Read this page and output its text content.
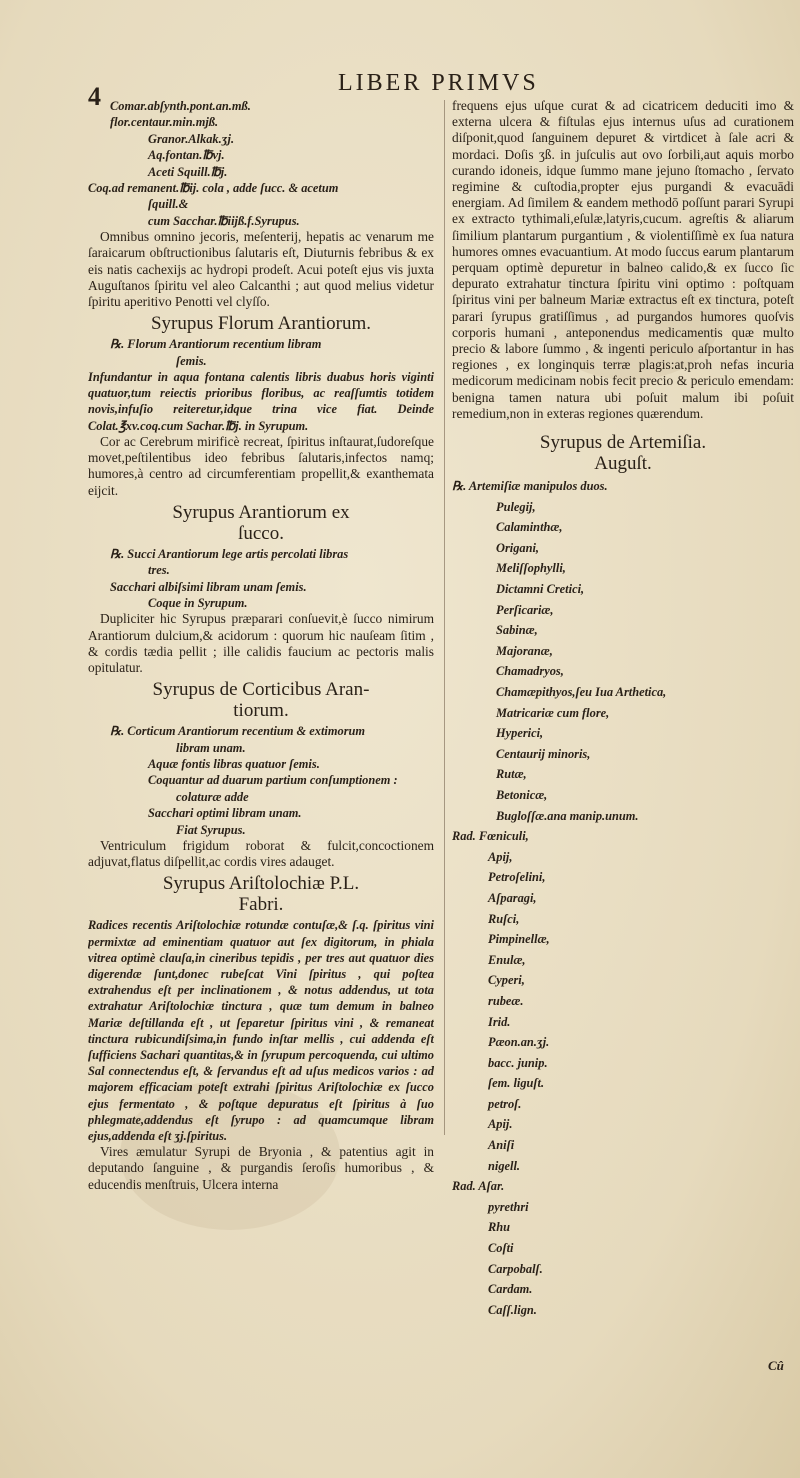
4	LIBER PRIMVS

Comar.abſynth.pont.an.mß.

flor.centaur.min.mjß.

Granor.Alkak.ʒj.

Aq.fontan.℔vj.

Aceti Squill.℔j.

Coq.ad remanent.℔ij. cola , adde ſucc. & acetum

ſquill.&

cum Sacchar.℔iijß.f.Syrupus.

Omnibus omnino jecoris, meſenterij, hepatis ac venarum me ſaraicarum obſtructionibus ſalutaris eſt, Diuturnis febribus & ex eis natis cachexijs ac hydropi prodeſt. Acui poteſt ejus vis juxta Auguſtanos ſpiritu vel aleo Calcanthi ; aut quod melius videtur ſpiritu aperitivo Penotti vel clyſſo.

Syrupus Florum Arantiorum.

℞. Florum Arantiorum recentium libram

ſemis.

Infundantur in aqua fontana calentis libris duabus horis viginti quatuor,tum reiectis prioribus floribus, ac reaſſumtis totidem novis,infuſio reiteretur,idque trina vice fiat. Deinde Colat.℥xv.coq.cum Sachar.℔j. in Syrupum.

Cor ac Cerebrum mirificè recreat, ſpiritus inſtaurat,ſudoreſque movet,peſtilentibus ideo febribus ſalutaris,infectos namq; humores,à centro ad circumferentiam propellit,& exanthemata eijcit.

Syrupus Arantiorum ex
ſucco.

℞. Succi Arantiorum lege artis percolati libras

tres.

Sacchari albiſsimi libram unam ſemis.

Coque in Syrupum.

Dupliciter hic Syrupus præparari conſuevit,è ſucco nimirum Arantiorum dulcium,& acidorum : quorum hic nauſeam ſitim , & cordis tædia pellit ; ille calidis faucium ac pectoris malis opitulatur.

Syrupus de Corticibus Aran-
tiorum.

℞. Corticum Arantiorum recentium & extimorum

libram unam.

Aquæ fontis libras quatuor ſemis.

Coquantur ad duarum partium conſumptionem :

colaturæ adde

Sacchari optimi libram unam.

Fiat Syrupus.

Ventriculum frigidum roborat & fulcit,concoctionem adjuvat,flatus diſpellit,ac cordis vires adauget.

Syrupus Ariſtolochiæ P.L.
Fabri.

Radices recentis Ariſtolochiæ rotundæ contuſæ,& ſ.q. ſpiritus vini permixtæ ad eminentiam quatuor aut ſex digitorum, in phiala vitrea optimè clauſa,in cineribus tepidis , per tres aut quatuor dies digerendæ ſunt,donec rubeſcat Vini ſpiritus , qui poſtea extrahendus eſt per inclinationem , & notus addendus, ut tota extrahatur Ariſtolochiæ tinctura , quæ tum demum in balneo Mariæ deſtillanda eſt , ut ſeparetur ſpiritus vini , & remaneat tinctura rubicundiſsima,in fundo inſtar mellis , cui addenda eſt ſufficiens Sachari quantitas,& in ſyrupum percoquenda, cui ultimo Sal connectendus eſt, & ſervandus eſt ad uſus medicos varios : ad majorem efficaciam poteſt extrahi ſpiritus Ariſtolochiæ ex ſucco ejus fermentato , & poſtque depuratus eſt ſpiritus à ſuo phlegmate,addendus eſt ſyrupo : ad quamcumque libram ejus,addenda eſt ʒj.ſpiritus.

Vires æmulatur Syrupi de Bryonia , & patentius agit in deputando ſanguine , & purgandis ſeroſis humoribus , & educendis menſtruis, Ulcera interna

frequens ejus uſque curat & ad cicatricem deduciti imo & externa ulcera & fiſtulas ejus internus uſus ad curationem diſponit,quod ſanguinem depuret & virtdicet à ſale acri & mordaci. Doſis ʒß. in juſculis aut ovo ſorbili,aut aquis morbo curando idoneis, idque ſummo mane jejuno ſtomacho , ſervato regimine & cuſtodia,propter ejus purgandi & evacuādi energiam. Ad ſimilem & eandem methodō poſſunt parari Syrupi ex extracto tythimali,eſulæ,latyris,cucum. agreſtis & aliarum ſimilium plantarum purgantium , & violentiſſimè ex ſua natura humores omnes evacuantium. At modo ſuccus earum plantarum perquam optimè depuretur in balneo calido,& ex ſucco ſic depurato extrahatur tinctura ſpiritu vini optimo : poſtquam ſpiritus vini per balneum Mariæ extractus eſt ex tinctura, poteſt parari ſyrupus gratiſſimus , ad purgandos humores quoſvis corporis humani , anteponendus medicamentis quæ multo precio & labore ſummo , & ingenti periculo aſportantur in has regiones , ex longinquis terræ plagis:at,proh nefas incuria medicorum medicinam nobis fecit precio & periculo emendam: benigna tamen natura ubi poſuit malum ibi poſuit remedium,non in exteras regiones quærendum.

Syrupus de Artemiſia.
Auguſt.

℞. Artemiſiæ manipulos duos.

Pulegij,

Calaminthæ,

Origani,

Meliſſophylli,

Dictamni Cretici,

Perſicariæ,

Sabinæ,

Majoranæ,

Chamadryos,

Chamæpithyos,ſeu Iua Arthetica,

Matricariæ cum flore,

Hyperici,

Centaurij minoris,

Rutæ,

Betonicæ,

Bugloſſæ.ana manip.unum.

Rad. Fœniculi,

Apij,

Petroſelini,

Aſparagi,

Ruſci,

Pimpinellæ,

Enulæ,

Cyperi,

rubeæ.

Irid.

Pæon.an.ʒj.

bacc. junip.

ſem. liguſt.

petroſ.

Apij.

Aniſi

nigell.

Rad. Aſar.

pyrethri

Rhu

Coſti

Carpobalſ.

Cardam.

Caſſ.lign.

Cû
